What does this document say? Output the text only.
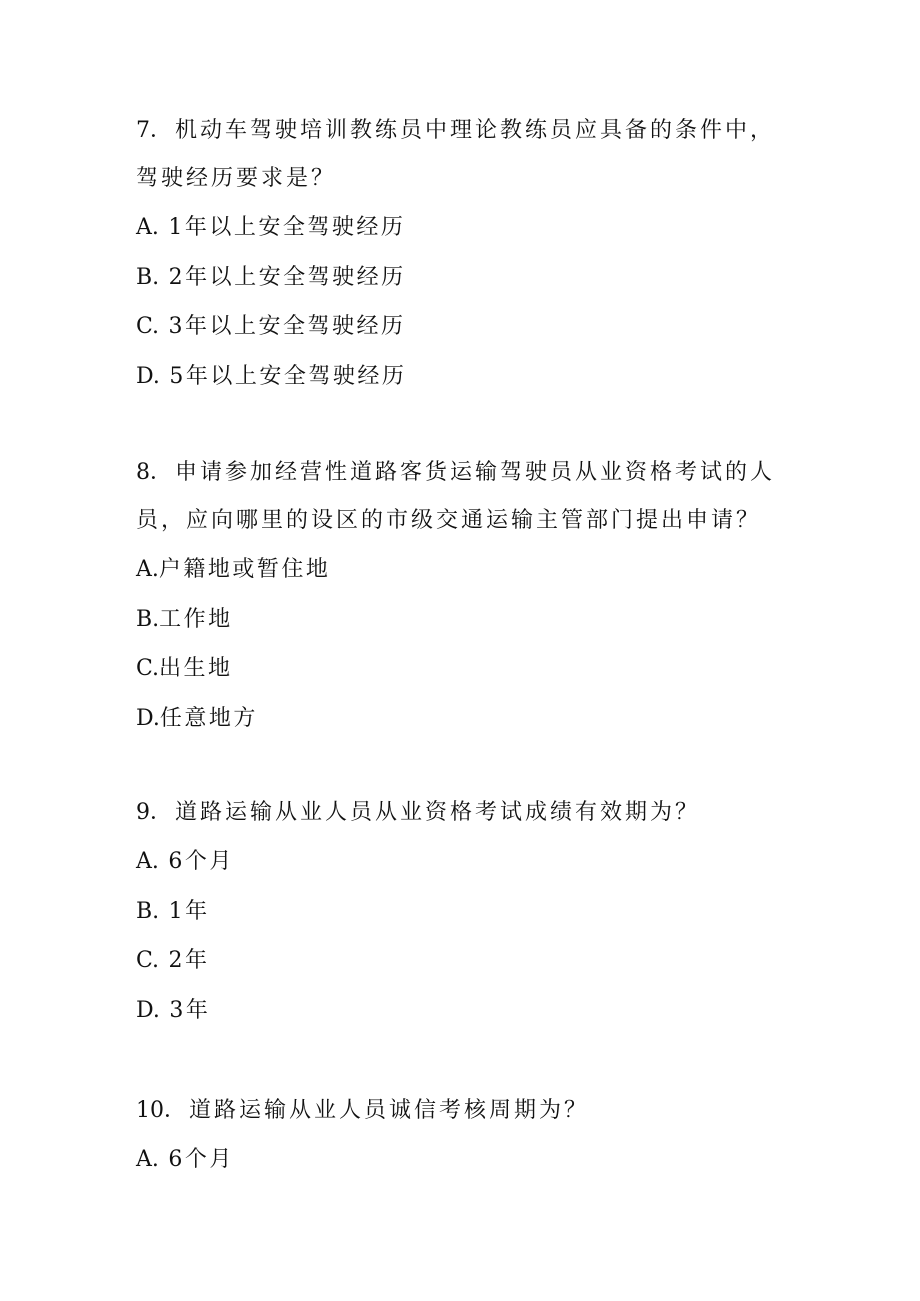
7．机动车驾驶培训教练员中理论教练员应具备的条件中，驾驶经历要求是？

A. 1年以上安全驾驶经历

B. 2年以上安全驾驶经历

C. 3年以上安全驾驶经历

D. 5年以上安全驾驶经历

8．申请参加经营性道路客货运输驾驶员从业资格考试的人员，应向哪里的设区的市级交通运输主管部门提出申请？

A.户籍地或暂住地

B.工作地

C.出生地

D.任意地方

9．道路运输从业人员从业资格考试成绩有效期为？

A. 6个月

B. 1年

C. 2年

D. 3年

10．道路运输从业人员诚信考核周期为？

A. 6个月
